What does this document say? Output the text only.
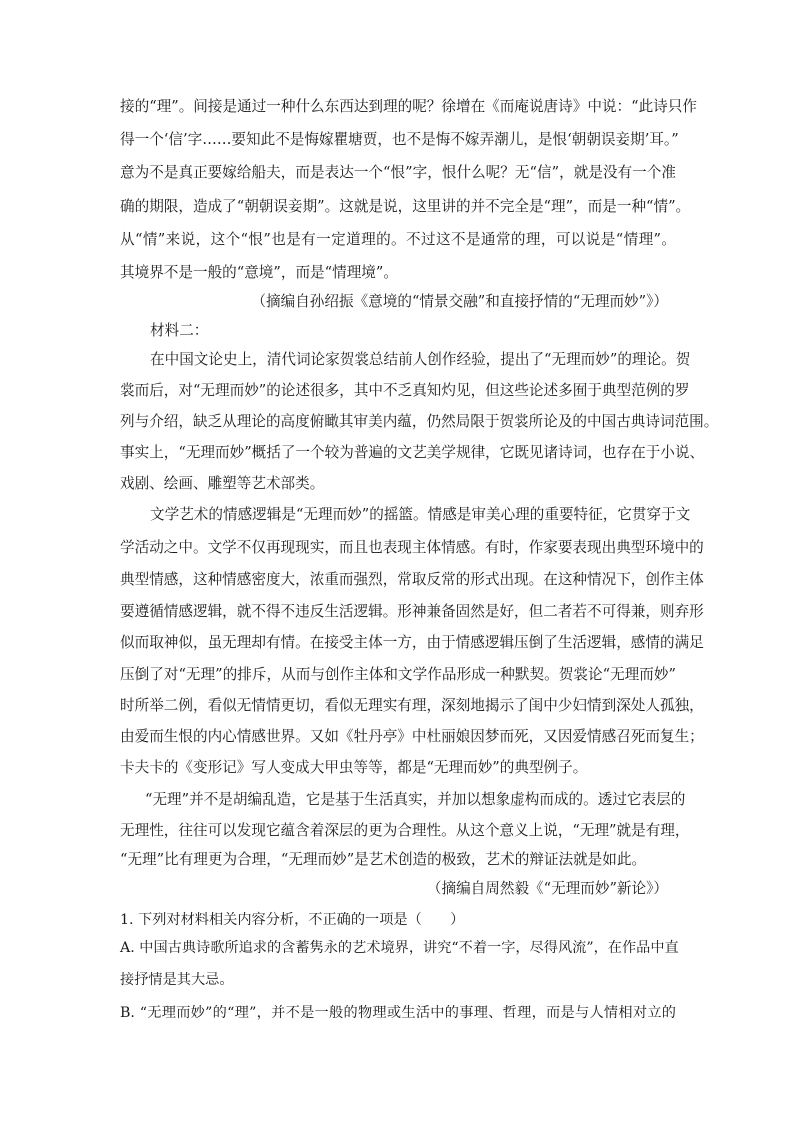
接的“理”。间接是通过一种什么东西达到理的呢？徐增在《而庵说唐诗》中说：“此诗只作
得一个‘信’字……要知此不是悔嫁瞿塘贾，也不是悔不嫁弄潮儿，是恨‘朝朝误妾期’耳。”
意为不是真正要嫁给船夫，而是表达一个“恨”字，恨什么呢？无“信”，就是没有一个准
确的期限，造成了“朝朝误妾期”。这就是说，这里讲的并不完全是“理”，而是一种“情”。
从“情”来说，这个“恨”也是有一定道理的。不过这不是通常的理，可以说是“情理”。
其境界不是一般的“意境”，而是“情理境”。
（摘编自孙绍振《意境的“情景交融”和直接抒情的“无理而妙”》）
材料二：
在中国文论史上，清代词论家贺裳总结前人创作经验，提出了“无理而妙”的理论。贺
裳而后，对“无理而妙”的论述很多，其中不乏真知灼见，但这些论述多囿于典型范例的罗
列与介绍，缺乏从理论的高度俯瞰其审美内蕴，仍然局限于贺裳所论及的中国古典诗词范围。
事实上，“无理而妙”概括了一个较为普遍的文艺美学规律，它既见诸诗词，也存在于小说、
戏剧、绘画、雕塑等艺术部类。
文学艺术的情感逻辑是“无理而妙”的摇篮。情感是审美心理的重要特征，它贯穿于文
学活动之中。文学不仅再现现实，而且也表现主体情感。有时，作家要表现出典型环境中的
典型情感，这种情感密度大，浓重而强烈，常取反常的形式出现。在这种情况下，创作主体
要遵循情感逻辑，就不得不违反生活逻辑。形神兼备固然是好，但二者若不可得兼，则弃形
似而取神似，虽无理却有情。在接受主体一方，由于情感逻辑压倒了生活逻辑，感情的满足
压倒了对“无理”的排斥，从而与创作主体和文学作品形成一种默契。贺裳论“无理而妙”
时所举二例，看似无情情更切，看似无理实有理，深刻地揭示了闺中少妇情到深处人孤独，
由爱而生恨的内心情感世界。又如《牡丹亭》中杜丽娘因梦而死，又因爱情感召死而复生；
卡夫卡的《变形记》写人变成大甲虫等等，都是“无理而妙”的典型例子。
“无理”并不是胡编乱造，它是基于生活真实，并加以想象虚构而成的。透过它表层的
无理性，往往可以发现它蕴含着深层的更为合理性。从这个意义上说，“无理”就是有理，
“无理”比有理更为合理，“无理而妙”是艺术创造的极致，艺术的辩证法就是如此。
（摘编自周然毅《“无理而妙”新论》）
1. 下列对材料相关内容分析，不正确的一项是（　　）
A. 中国古典诗歌所追求的含蓄隽永的艺术境界，讲究“不着一字，尽得风流”，在作品中直
接抒情是其大忌。
B. “无理而妙”的“理”，并不是一般的物理或生活中的事理、哲理，而是与人情相对立的
